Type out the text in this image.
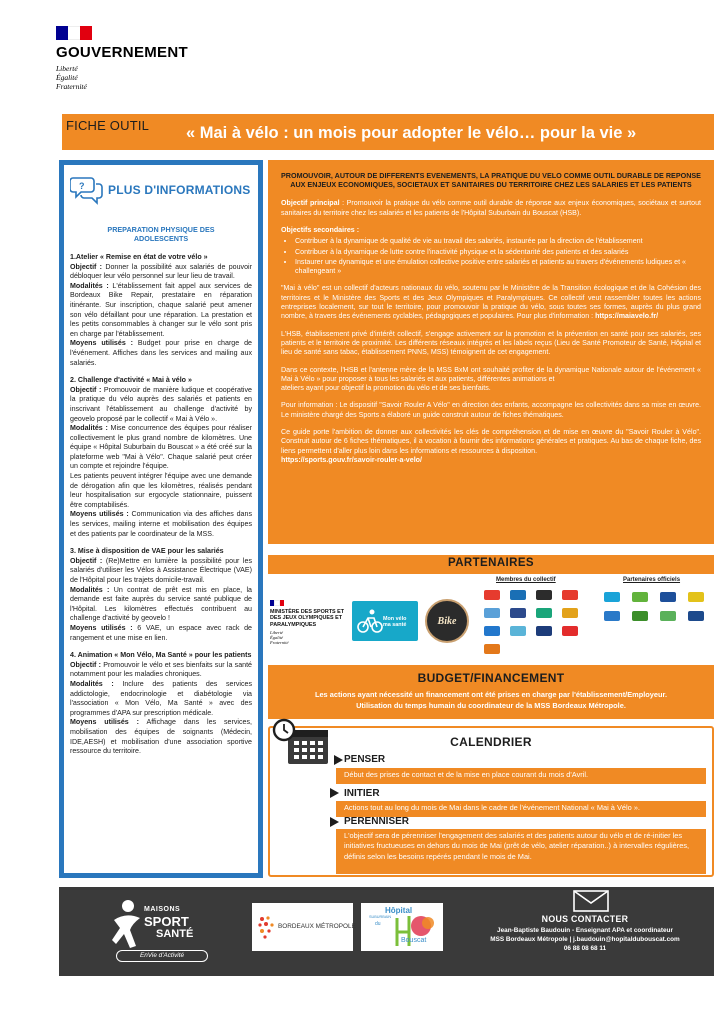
GOUVERNEMENT
Liberté
Égalité
Fraternité
FICHE OUTIL « Mai à vélo : un mois pour adopter le vélo… pour la vie »
? PLUS D'INFORMATIONS
PREPARATION PHYSIQUE DES ADOLESCENTS
1.Atelier « Remise en état de votre vélo »
Objectif : Donner la possibilité aux salariés de pouvoir débloquer leur vélo personnel sur leur lieu de travail.
Modalités : L'établissement fait appel aux services de Bordeaux Bike Repair, prestataire en réparation itinérante. Sur inscription, chaque salarié peut amener son vélo défaillant pour une réparation. La prestation et les petits consommables à changer sur le vélo sont pris en charge par l'établissement.
Moyens utilisés : Budget pour prise en charge de l'événement. Affiches dans les services and mailing aux salariés.
2. Challenge d'activité « Mai à vélo »
Objectif : Promouvoir de manière ludique et coopérative la pratique du vélo auprès des salariés et patients en inscrivant l'établissement au challenge d'activité by geovelo proposé par le collectif « Mai à Vélo ».
Modalités : Mise concurrence des équipes pour réaliser collectivement le plus grand nombre de kilomètres. Une équipe « Hôpital Suburbain du Bouscat » a été créé sur la plateforme web "Mai à Vélo". Chaque salarié peut créer un compte et rejoindre l'équipe.
Les patients peuvent intégrer l'équipe avec une demande de dérogation afin que les kilomètres, réalisés pendant leur hospitalisation sur ergocycle stationnaire, puissent être comptabilisés.
Moyens utilisés : Communication via des affiches dans les services, mailing interne et mobilisation des équipes et des patients par le coordinateur de la MSS.
3. Mise à disposition de VAE pour les salariés
Objectif : (Re)Mettre en lumière la possibilité pour les salariés d'utiliser les Vélos à Assistance Électrique (VAE) de l'Hôpital pour les trajets domicile-travail.
Modalités : Un contrat de prêt est mis en place, la demande est faite auprès du service santé publique de l'Hôpital. Les kilomètres effectués contribuent au challenge d'activité by geovelo !
Moyens utilisés : 6 VAE, un espace avec rack de rangement et une mise en lien.
4. Animation « Mon Vélo, Ma Santé » pour les patients
Objectif : Promouvoir le vélo et ses bienfaits sur la santé notamment pour les maladies chroniques.
Modalités : Inclure des patients des services addictologie, endocrinologie et diabétologie via l'association « Mon Vélo, Ma Santé » avec des programmes d'APA sur prescription médicale.
Moyens utilisés : Affichage dans les services, mobilisation des équipes de soignants (Médecin, IDE,AESH) et mobilisation d'une association sportive ressource du territoire.
PROMOUVOIR, AUTOUR DE DIFFERENTS EVENEMENTS, LA PRATIQUE DU VELO COMME OUTIL DURABLE DE REPONSE AUX ENJEUX ECONOMIQUES, SOCIETAUX ET SANITAIRES DU TERRITOIRE CHEZ LES SALARIES ET LES PATIENTS

Objectif principal : Promouvoir la pratique du vélo comme outil durable de réponse aux enjeux économiques, sociétaux et surtout sanitaires du territoire chez les salariés et les patients de l'Hôpital Suburbain du Bouscat (HSB).

Objectifs secondaires :

• Contribuer à la dynamique de qualité de vie au travail des salariés, instaurée par la direction de l'établissement
• Contribuer à la dynamique de lutte contre l'inactivité physique et la sédentarité des patients et des salariés
• Instaurer une dynamique et une émulation collective positive entre salariés et patients au travers d'événements ludiques et « challengeant »

"Mai à vélo" est un collectif d'acteurs nationaux du vélo, soutenu par le Ministère de la Transition écologique et de la Cohésion des territoires et le Ministère des Sports et des Jeux Olympiques et Paralympiques. Ce collectif veut rassembler toutes les actions entreprises localement, sur tout le territoire, pour promouvoir la pratique du vélo, sous toutes ses formes, auprès du plus grand nombre, à travers des événements cyclables, pédagogiques et populaires. Pour plus d'information : https://maiavelo.fr/

L'HSB, établissement privé d'intérêt collectif, s'engage activement sur la promotion et la prévention en santé pour ses salariés, ses patients et le territoire de proximité. Les différents réseaux intégrés et les labels reçus (Lieu de Santé Promoteur de Santé, Hôpital et lieu de santé sans tabac, établissement PNNS, MSS) témoignent de cet engagement.

Dans ce contexte, l'HSB et l'antenne mère de la MSS BxM ont souhaité profiter de la dynamique Nationale autour de l'événement « Mai à Vélo » pour proposer à tous les salariés et aux patients, différentes animations et
ateliers ayant pour objectif la promotion du vélo et de ses bienfaits.

Pour information : Le dispositif "Savoir Rouler A Vélo" en direction des enfants, accompagne les collectivités dans sa mise en œuvre. Le ministère chargé des Sports a élaboré un guide construit autour de fiches thématiques.

Ce guide porte l'ambition de donner aux collectivités les clés de compréhension et de mise en œuvre du "Savoir Rouler à Vélo". Construit autour de 6 fiches thématiques, il a vocation à fournir des informations générales et pratiques. Au bas de chaque fiche, des liens permettent d'aller plus loin dans les informations et ressources à disposition.
https://sports.gouv.fr/savoir-rouler-a-velo/

PARTENAIRES
Membres du collectif	Partenaires officiels
MINISTÈRE DES SPORTS ET DES JEUX OLYMPIQUES ET PARALYMPIQUES
Liberté
Égalité
Fraternité
Mon vélo ma santé	Bike
BUDGET/FINANCEMENT
Les actions ayant nécessité un financement ont été prises en charge par l'établissement/Employeur.
Utilisation du temps humain du coordinateur de la MSS Bordeaux Métropole.
CALENDRIER
PENSER
Début des prises de contact et de la mise en place courant du mois d'Avril.
INITIER
Actions tout au long du mois de Mai dans le cadre de l'événement National « Mai à Vélo ».
PERENNISER
L'objectif sera de pérenniser l'engagement des salariés et des patients autour du vélo et de ré-initier les initiatives fructueuses en dehors du mois de Mai (prêt de vélo, atelier réparation..) à intervalles régulières, définis selon les besoins repérés pendant le mois de Mai.
MAISONS
SPORT
SANTÉ
EnVie d'Activité
BORDEAUX MÉTROPOLE
Hôpital
SUBURBAIN
du
Bouscat
NOUS CONTACTER
Jean-Baptiste Baudouin - Enseignant APA et coordinateur
MSS Bordeaux Métropole | j.baudouin@hopitaldubouscat.com
06 88 08 68 11
